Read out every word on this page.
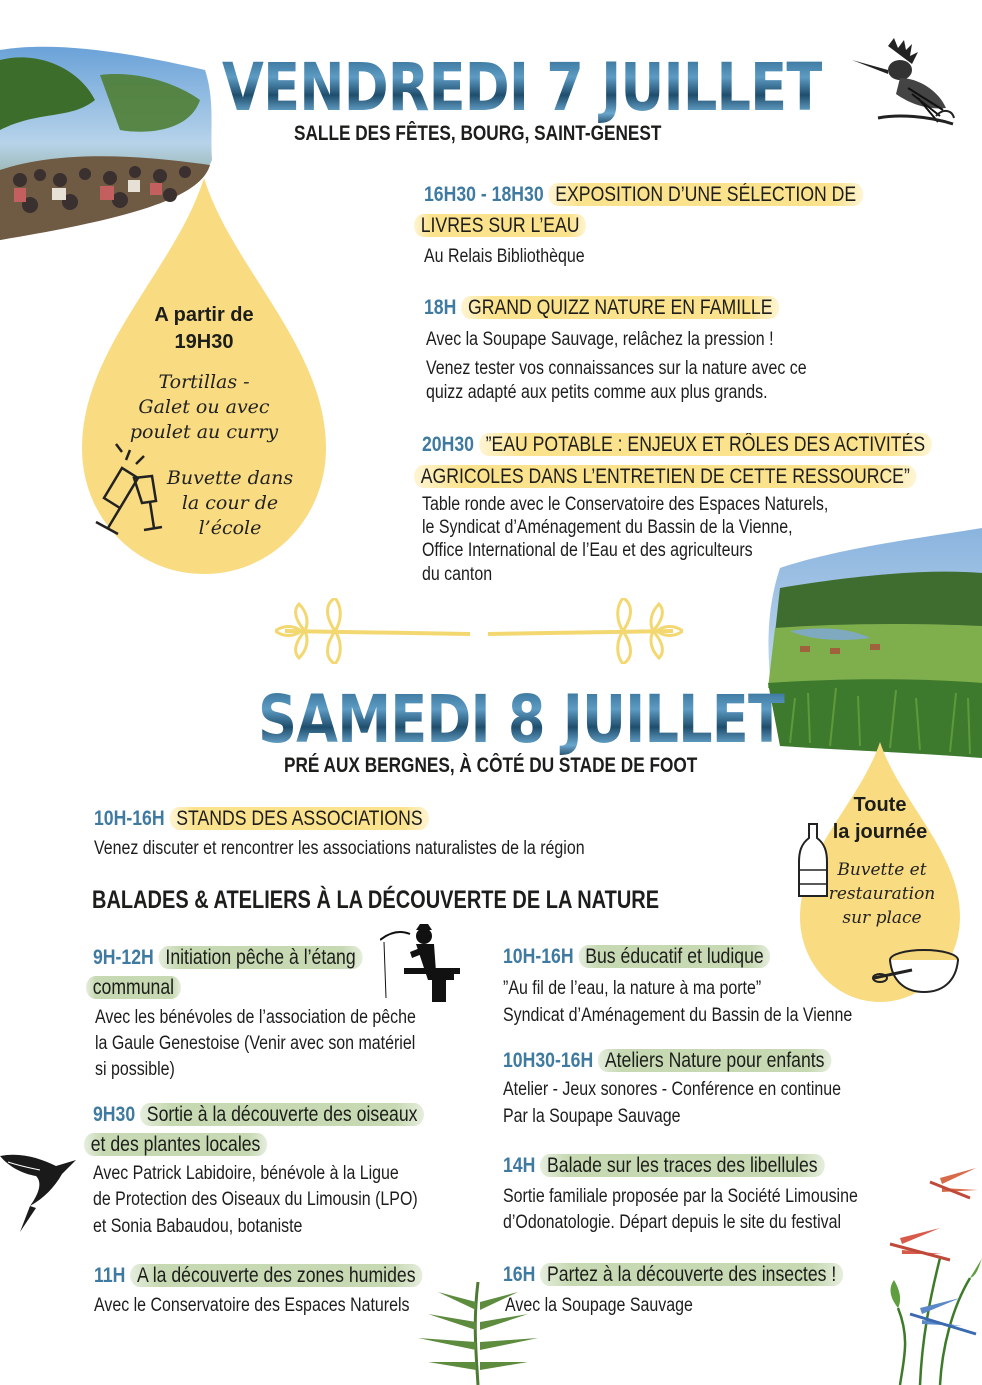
VENDREDI 7 JUILLET
SALLE DES FÊTES, BOURG, SAINT-GENEST
16H30 - 18H30 EXPOSITION D’UNE SÉLECTION DE
LIVRES SUR L’EAU
Au Relais Bibliothèque
18H GRAND QUIZZ NATURE EN FAMILLE
Avec la Soupape Sauvage, relâchez la pression !
Venez tester vos connaissances sur la nature avec ce
quizz adapté aux petits comme aux plus grands.
20H30 ”EAU POTABLE : ENJEUX ET RÔLES DES ACTIVITÉS
AGRICOLES DANS L’ENTRETIEN DE CETTE RESSOURCE”
Table ronde avec le Conservatoire des Espaces Naturels,
le Syndicat d’Aménagement du Bassin de la Vienne,
Office International de l’Eau et des agriculteurs
du canton
A partir de
19H30
Tortillas -
Galet ou avec
poulet au curry
Buvette dans
la cour de
l’école
SAMEDI 8 JUILLET
PRÉ AUX BERGNES, À CÔTÉ DU STADE DE FOOT
10H-16H STANDS DES ASSOCIATIONS
Venez discuter et rencontrer les associations naturalistes de la région
BALADES & ATELIERS À LA DÉCOUVERTE DE LA NATURE
Toute
la journée
Buvette et
restauration
sur place
9H-12H Initiation pêche à l’étang
communal
Avec les bénévoles de l’association de pêche
la Gaule Genestoise (Venir avec son matériel
si possible)
9H30 Sortie à la découverte des oiseaux
et des plantes locales
Avec Patrick Labidoire, bénévole à la Ligue
de Protection des Oiseaux du Limousin (LPO)
et Sonia Babaudou, botaniste
11H A la découverte des zones humides
Avec le Conservatoire des Espaces Naturels
10H-16H Bus éducatif et ludique
”Au fil de l’eau, la nature à ma porte”
Syndicat d’Aménagement du Bassin de la Vienne
10H30-16H Ateliers Nature pour enfants
Atelier - Jeux sonores - Conférence en continue
Par la Soupape Sauvage
14H Balade sur les traces des libellules
Sortie familiale proposée par la Société Limousine
d’Odonatologie. Départ depuis le site du festival
16H Partez à la découverte des insectes !
Avec la Soupage Sauvage
